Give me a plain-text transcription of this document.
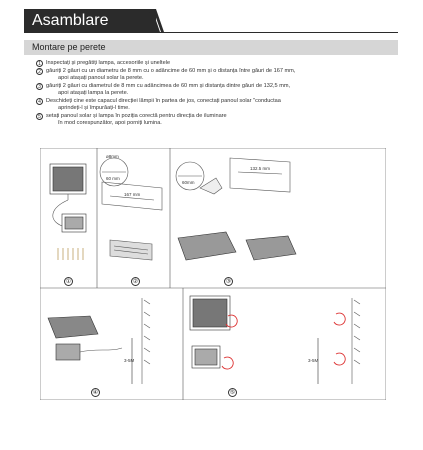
Asamblare
Montare pe perete
1 Inspectați și pregătiți lampa, accesoriile și uneltele
2 găuriți 2 găuri cu un diametru de 8 mm cu o adâncime de 60 mm și o distanța între găuri de 167 mm,
apoi atașați panoul solar la perete.
3 găuriți 2 găuri cu diametrul de 8 mm cu adâncimea de 60 mm și distanța dintre găuri de 132,5 mm,
apoi atașați lampa la perete.
4 Deschideți cine este capacul direcției lămpii în partea de jos, conectați panoul solar "conductaa
aprindeți-l și împurăați-l time.
5 setați panoul solar și lampa în poziția corectă pentru direcția de iluminare
în mod corespunzător, apoi porniți lumina.
ø8mm
60 mm
167 mm
60mm
132.5 mm
3-5M	3-5M
①	②	③
④	⑤
